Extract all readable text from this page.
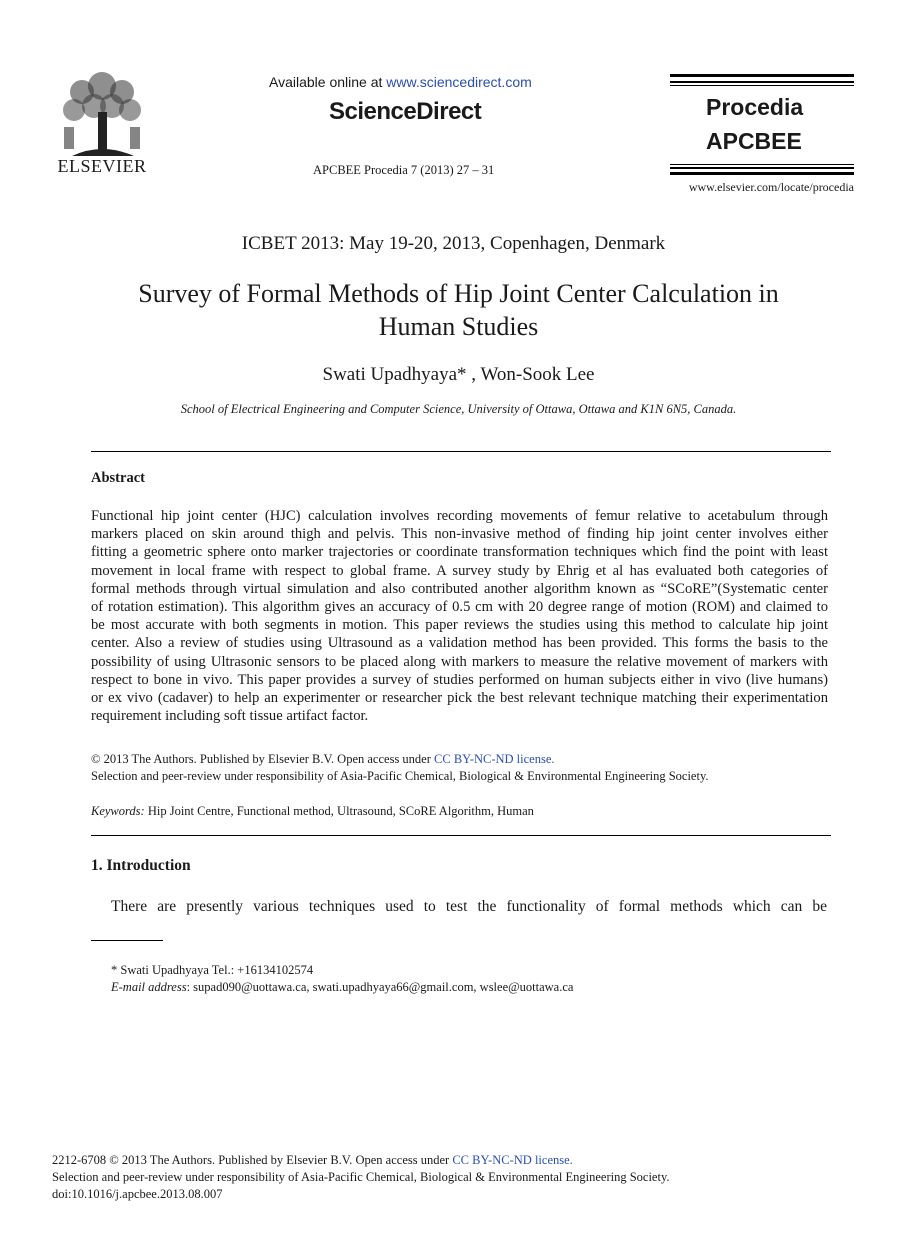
ELSEVIER
Available online at www.sciencedirect.com
ScienceDirect
APCBEE Procedia 7 (2013) 27 – 31
Procedia
APCBEE
www.elsevier.com/locate/procedia
ICBET 2013: May 19-20, 2013, Copenhagen, Denmark
Survey of Formal Methods of Hip Joint Center Calculation in
Human Studies
Swati Upadhyaya* , Won-Sook Lee
School of Electrical Engineering and Computer Science, University of Ottawa, Ottawa and K1N 6N5, Canada.
Abstract
Functional hip joint center (HJC) calculation involves recording movements of femur relative to acetabulum through
markers placed on skin around thigh and pelvis. This non-invasive method of finding hip joint center involves either
fitting a geometric sphere onto marker trajectories or coordinate transformation techniques which find the point with least
movement in local frame with respect to global frame. A survey study by Ehrig et al has evaluated both categories of
formal methods through virtual simulation and also contributed another algorithm known as “SCoRE”(Systematic center
of rotation estimation). This algorithm gives an accuracy of 0.5 cm with 20 degree range of motion (ROM) and claimed to
be most accurate with both segments in motion. This paper reviews the studies using this method to calculate hip joint
center. Also a review of studies using Ultrasound as a validation method has been provided. This forms the basis to the
possibility of using Ultrasonic sensors to be placed along with markers to measure the relative movement of markers with
respect to bone in vivo. This paper provides a survey of studies performed on human subjects either in vivo (live humans)
or ex vivo (cadaver) to help an experimenter or researcher pick the best relevant technique matching their experimentation
requirement including soft tissue artifact factor.
© 2013 The Authors. Published by Elsevier B.V. Open access under CC BY-NC-ND license.
Selection and peer-review under responsibility of Asia-Pacific Chemical, Biological & Environmental Engineering Society.
Keywords: Hip Joint Centre, Functional method, Ultrasound, SCoRE Algorithm, Human
1. Introduction
There are presently various techniques used to test the functionality of formal methods which can be
* Swati Upadhyaya Tel.: +16134102574
E-mail address: supad090@uottawa.ca, swati.upadhyaya66@gmail.com, wslee@uottawa.ca
2212-6708 © 2013 The Authors. Published by Elsevier B.V. Open access under CC BY-NC-ND license.
Selection and peer-review under responsibility of Asia-Pacific Chemical, Biological & Environmental Engineering Society.
doi:10.1016/j.apcbee.2013.08.007
